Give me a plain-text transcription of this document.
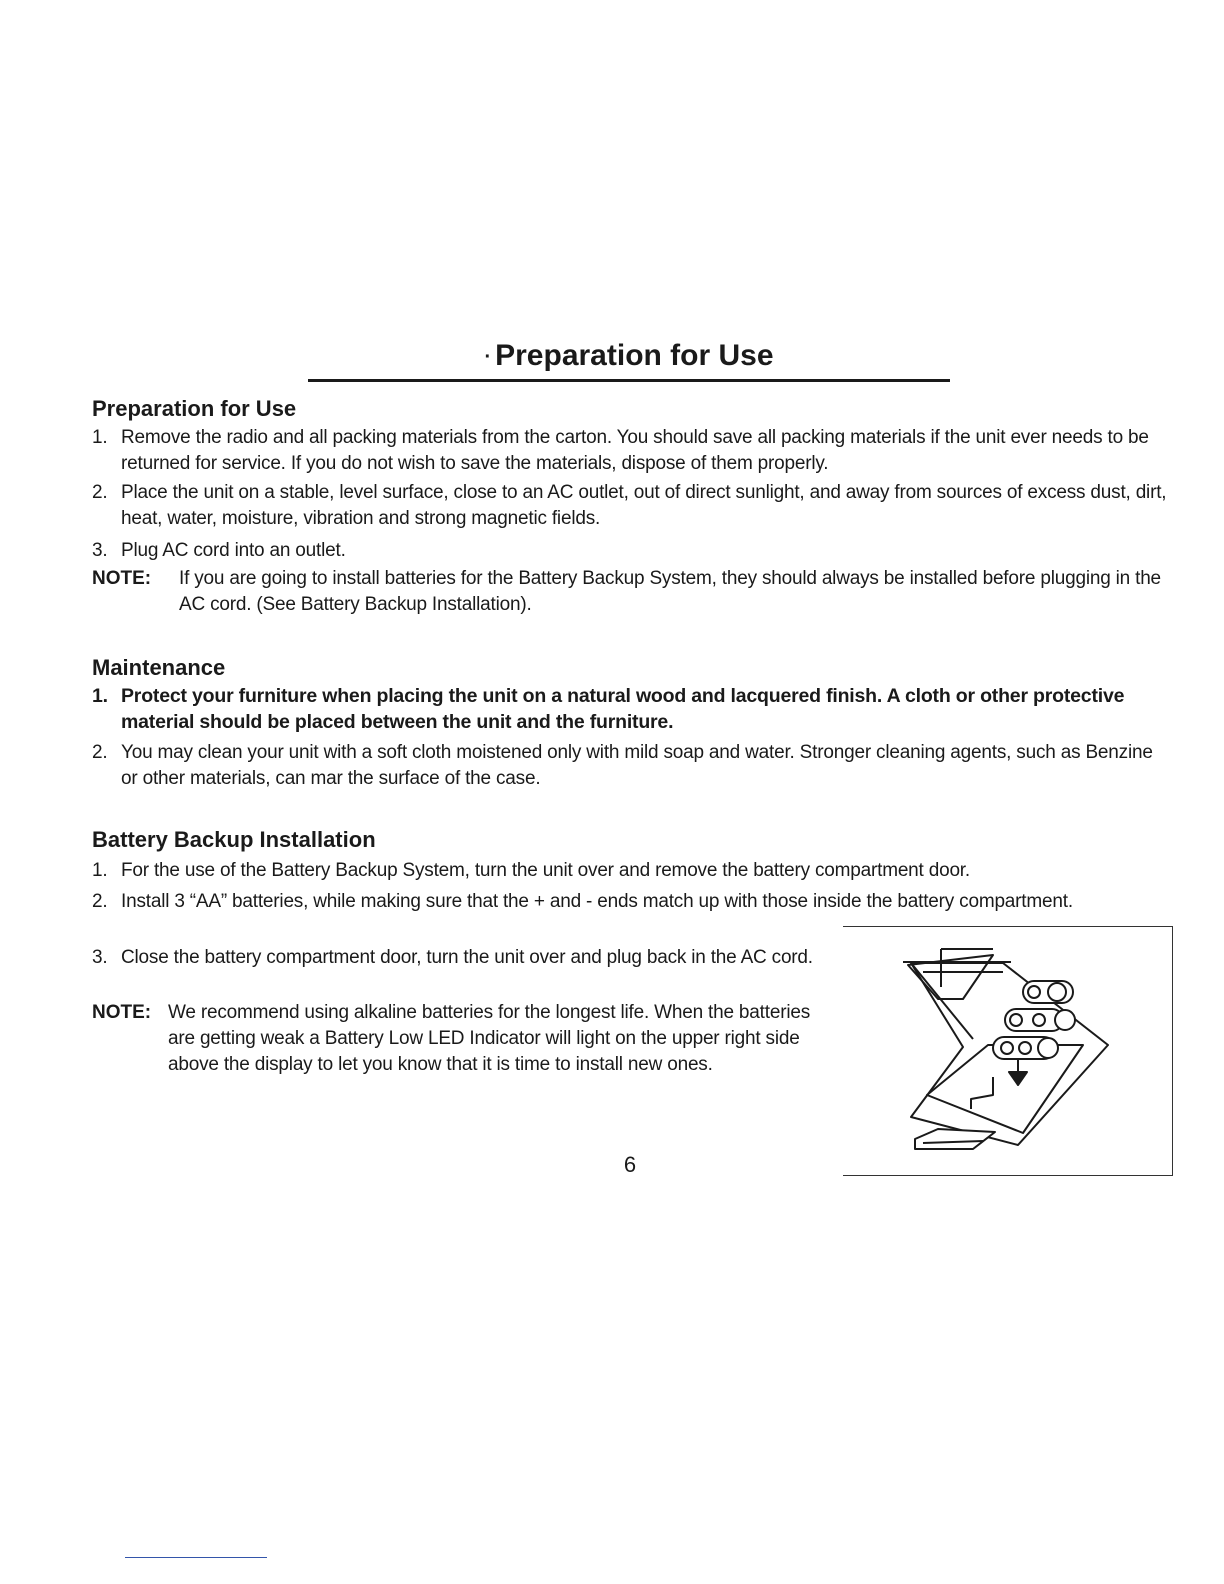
· Preparation for Use
Preparation for Use
1. Remove the radio and all packing materials from the carton. You should save all packing materials if the unit ever needs to be returned for service. If you do not wish to save the materials, dispose of them properly.
2. Place the unit on a stable, level surface, close to an AC outlet, out of direct sunlight, and away from sources of excess dust, dirt, heat, water, moisture, vibration and strong magnetic fields.
3. Plug AC cord into an outlet.
NOTE: If you are going to install batteries for the Battery Backup System, they should always be installed before plugging in the AC cord. (See Battery Backup Installation).
Maintenance
1. Protect your furniture when placing the unit on a natural wood and lacquered finish. A cloth or other protective material should be placed between the unit and the furniture.
2. You may clean your unit with a soft cloth moistened only with mild soap and water. Stronger cleaning agents, such as Benzine or other materials, can mar the surface of the case.
Battery Backup Installation
1. For the use of the Battery Backup System, turn the unit over and remove the battery compartment door.
2. Install 3 “AA” batteries, while making sure that the + and - ends match up with those inside the battery compartment.
3. Close the battery compartment door, turn the unit over and plug back in the AC cord.
NOTE: We recommend using alkaline batteries for the longest life. When the batteries are getting weak a Battery Low LED Indicator will light on the upper right side above the display to let you know that it is time to install new ones.
6
